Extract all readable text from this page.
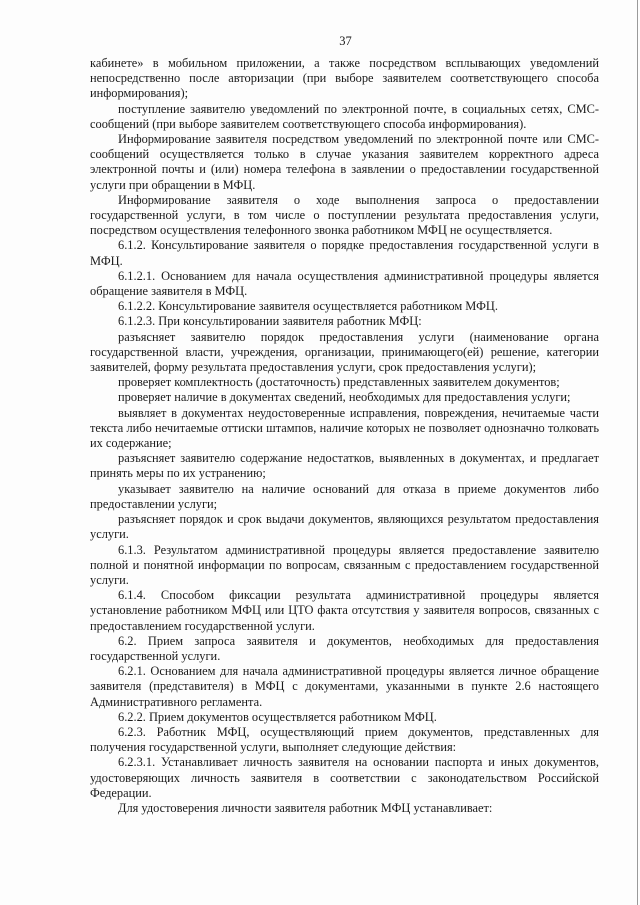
37

кабинете» в мобильном приложении, а также посредством всплывающих уведомлений непосредственно после авторизации (при выборе заявителем соответствующего способа информирования);

поступление заявителю уведомлений по электронной почте, в социальных сетях, СМС-сообщений (при выборе заявителем соответствующего способа информирования).

Информирование заявителя посредством уведомлений по электронной почте или СМС-сообщений осуществляется только в случае указания заявителем корректного адреса электронной почты и (или) номера телефона в заявлении о предоставлении государственной услуги при обращении в МФЦ.

Информирование заявителя о ходе выполнения запроса о предоставлении государственной услуги, в том числе о поступлении результата предоставления услуги, посредством осуществления телефонного звонка работником МФЦ не осуществляется.

6.1.2. Консультирование заявителя о порядке предоставления государственной услуги в МФЦ.

6.1.2.1. Основанием для начала осуществления административной процедуры является обращение заявителя в МФЦ.

6.1.2.2. Консультирование заявителя осуществляется работником МФЦ.

6.1.2.3. При консультировании заявителя работник МФЦ:

разъясняет заявителю порядок предоставления услуги (наименование органа государственной власти, учреждения, организации, принимающего(ей) решение, категории заявителей, форму результата предоставления услуги, срок предоставления услуги);

проверяет комплектность (достаточность) представленных заявителем документов;

проверяет наличие в документах сведений, необходимых для предоставления услуги;

выявляет в документах неудостоверенные исправления, повреждения, нечитаемые части текста либо нечитаемые оттиски штампов, наличие которых не позволяет однозначно толковать их содержание;

разъясняет заявителю содержание недостатков, выявленных в документах, и предлагает принять меры по их устранению;

указывает заявителю на наличие оснований для отказа в приеме документов либо предоставлении услуги;

разъясняет порядок и срок выдачи документов, являющихся результатом предоставления услуги.

6.1.3. Результатом административной процедуры является предоставление заявителю полной и понятной информации по вопросам, связанным с предоставлением государственной услуги.

6.1.4. Способом фиксации результата административной процедуры является установление работником МФЦ или ЦТО факта отсутствия у заявителя вопросов, связанных с предоставлением государственной услуги.

6.2. Прием запроса заявителя и документов, необходимых для предоставления государственной услуги.

6.2.1. Основанием для начала административной процедуры является личное обращение заявителя (представителя) в МФЦ с документами, указанными в пункте 2.6 настоящего Административного регламента.

6.2.2. Прием документов осуществляется работником МФЦ.

6.2.3. Работник МФЦ, осуществляющий прием документов, представленных для получения государственной услуги, выполняет следующие действия:

6.2.3.1. Устанавливает личность заявителя на основании паспорта и иных документов, удостоверяющих личность заявителя в соответствии с законодательством Российской Федерации.

Для удостоверения личности заявителя работник МФЦ устанавливает:
